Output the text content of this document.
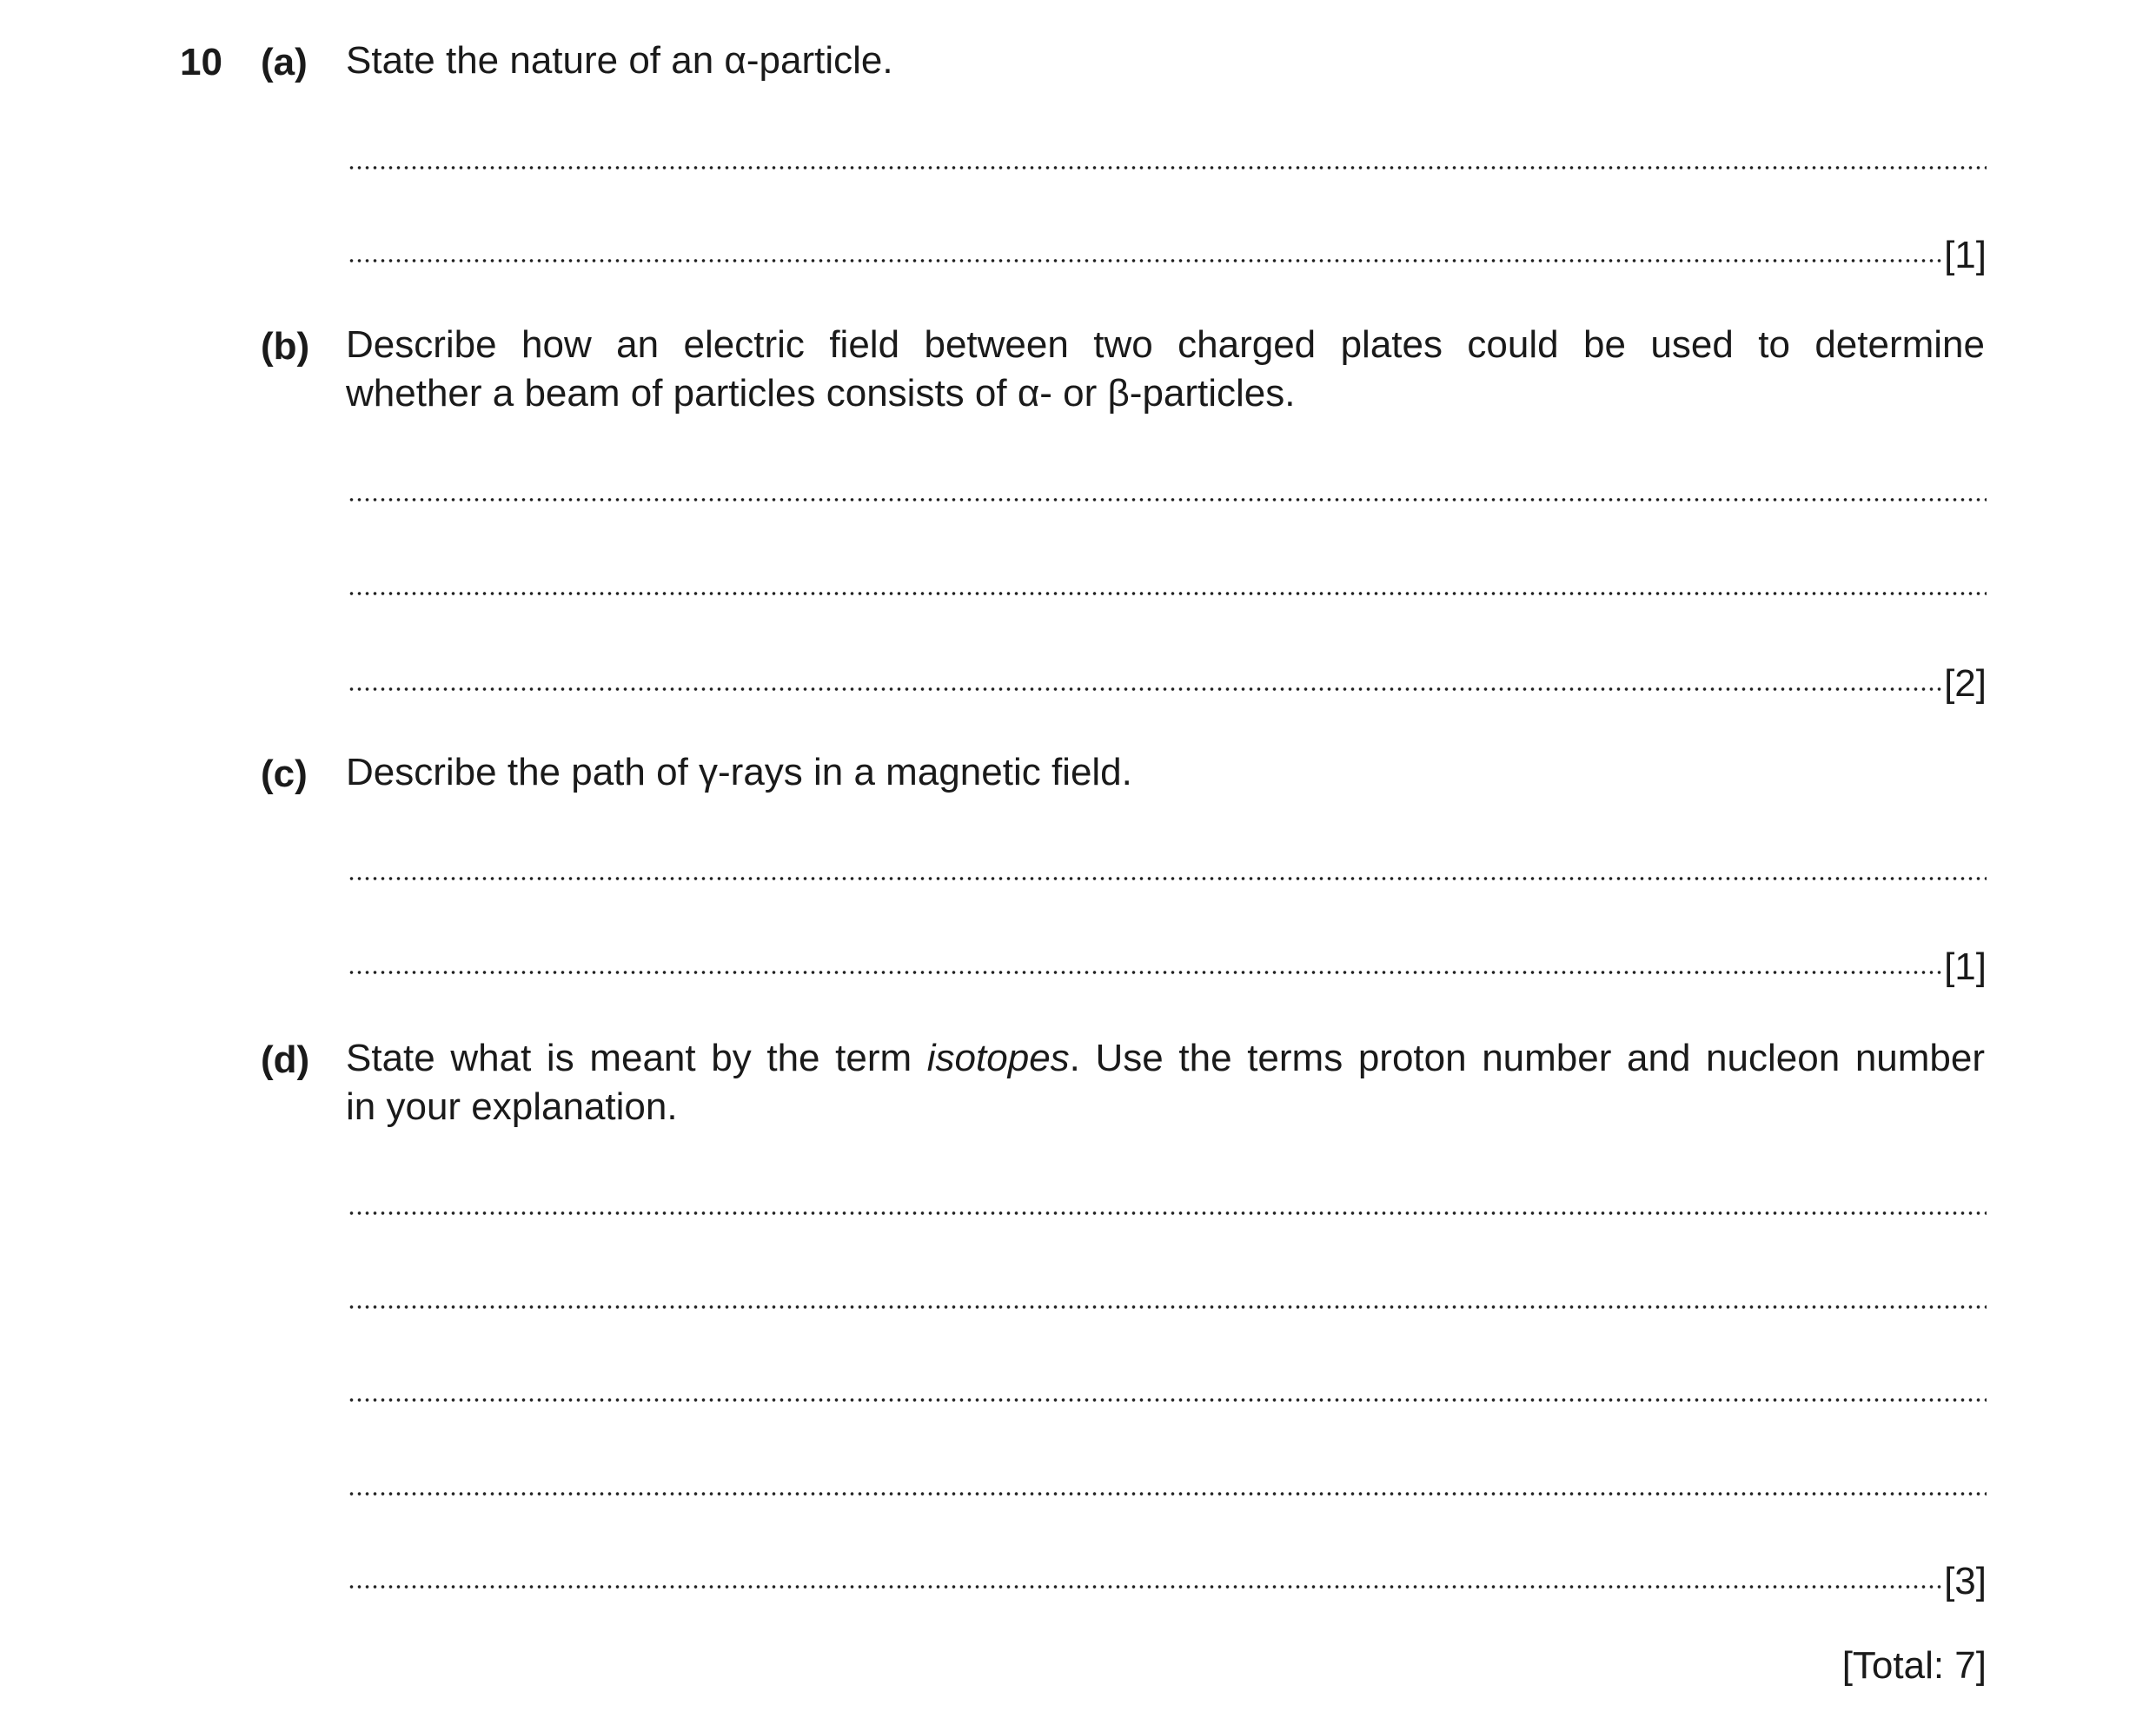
10 (a) State the nature of an α-particle.
[1]
(b) Describe how an electric field between two charged plates could be used to determine
whether a beam of particles consists of α- or β-particles.
[2]
(c) Describe the path of γ-rays in a magnetic field.
[1]
(d) State what is meant by the term isotopes. Use the terms proton number and nucleon number
in your explanation.
[3]
[Total: 7]
